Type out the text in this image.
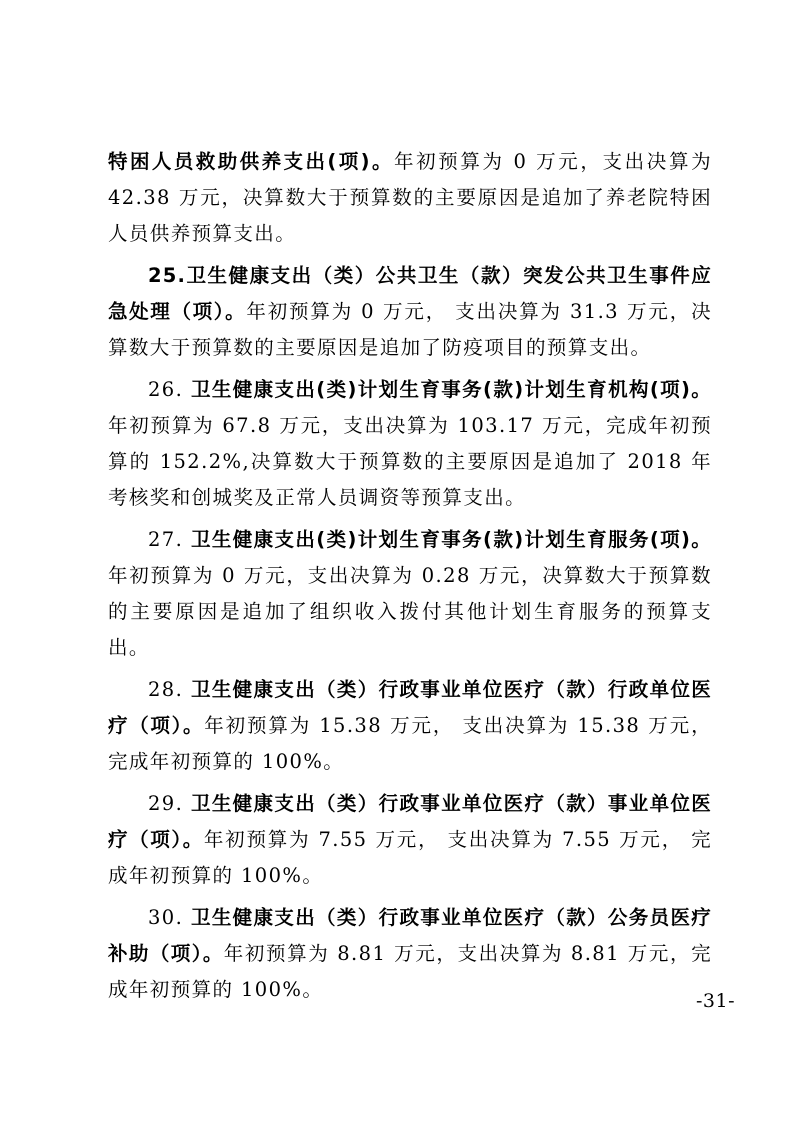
特困人员救助供养支出(项)。年初预算为 0 万元，支出决算为 42.38 万元，决算数大于预算数的主要原因是追加了养老院特困人员供养预算支出。

25.卫生健康支出（类）公共卫生（款）突发公共卫生事件应急处理（项）。年初预算为 0 万元， 支出决算为 31.3 万元，决算数大于预算数的主要原因是追加了防疫项目的预算支出。

26. 卫生健康支出(类)计划生育事务(款)计划生育机构(项)。年初预算为 67.8 万元，支出决算为 103.17 万元，完成年初预算的 152.2%,决算数大于预算数的主要原因是追加了 2018 年考核奖和创城奖及正常人员调资等预算支出。

27. 卫生健康支出(类)计划生育事务(款)计划生育服务(项)。年初预算为 0 万元，支出决算为 0.28 万元，决算数大于预算数的主要原因是追加了组织收入拨付其他计划生育服务的预算支出。

28. 卫生健康支出（类）行政事业单位医疗（款）行政单位医疗（项）。年初预算为 15.38 万元， 支出决算为 15.38 万元， 完成年初预算的 100%。

29. 卫生健康支出（类）行政事业单位医疗（款）事业单位医疗（项）。年初预算为 7.55 万元， 支出决算为 7.55 万元， 完成年初预算的 100%。

30. 卫生健康支出（类）行政事业单位医疗（款）公务员医疗补助（项）。年初预算为 8.81 万元，支出决算为 8.81 万元，完成年初预算的 100%。	-31-
